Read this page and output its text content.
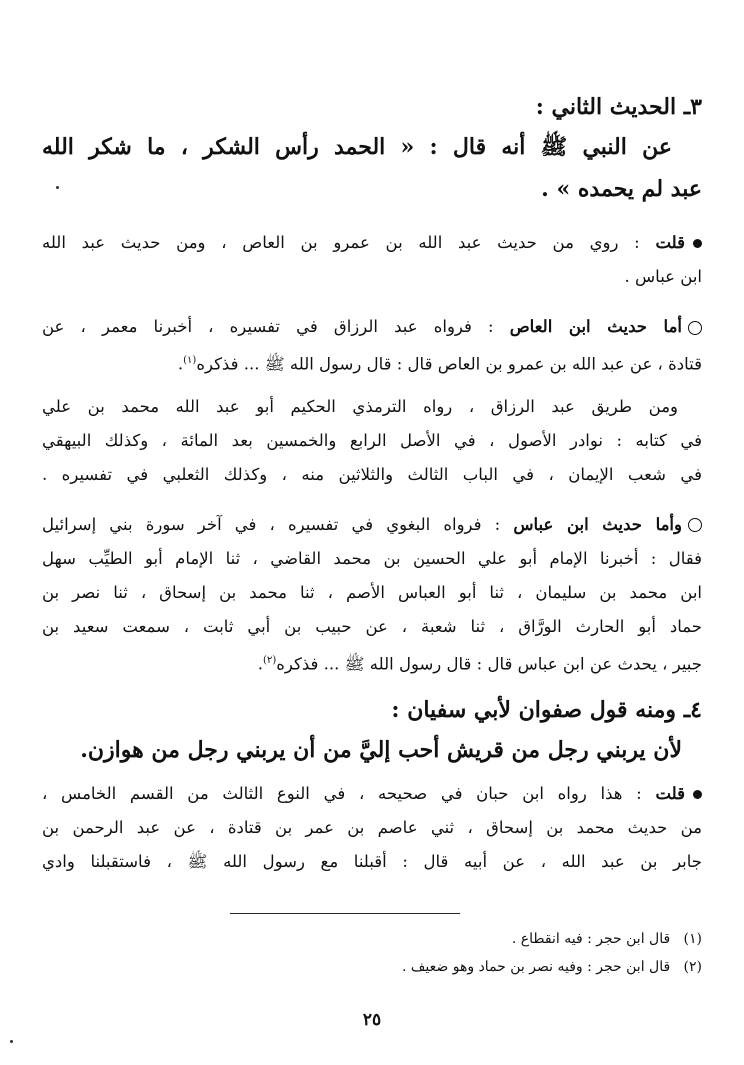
٣ـ الحديث الثاني :
عن النبي ﷺ أنه قال : « الحمد رأس الشكر ، ما شكر الله
عبد لم يحمده » .
قلت : روي من حديث عبد الله بن عمرو بن العاص ، ومن حديث عبد الله
ابن عباس .
أما حديث ابن العاص : فرواه عبد الرزاق في تفسيره ، أخبرنا معمر ، عن
قتادة ، عن عبد الله بن عمرو بن العاص قال : قال رسول الله ﷺ ... فذكره$^{(١)}$.
ومن طريق عبد الرزاق ، رواه الترمذي الحكيم أبو عبد الله محمد بن علي
في كتابه : نوادر الأصول ، في الأصل الرابع والخمسين بعد المائة ، وكذلك البيهقي
في شعب الإيمان ، في الباب الثالث والثلاثين منه ، وكذلك الثعلبي في تفسيره .
وأما حديث ابن عباس : فرواه البغوي في تفسيره ، في آخر سورة بني إسرائيل
فقال : أخبرنا الإمام أبو علي الحسين بن محمد القاضي ، ثنا الإمام أبو الطيِّب سهل
ابن محمد بن سليمان ، ثنا أبو العباس الأصم ، ثنا محمد بن إسحاق ، ثنا نصر بن
حماد أبو الحارث الورَّاق ، ثنا شعبة ، عن حبيب بن أبي ثابت ، سمعت سعيد بن
جبير ، يحدث عن ابن عباس قال : قال رسول الله ﷺ ... فذكره$^{(٢)}$.
٤ـ ومنه قول صفوان لأبي سفيان :
لأن يربني رجل من قريش أحب إليَّ من أن يربني رجل من هوازن.
قلت : هذا رواه ابن حبان في صحيحه ، في النوع الثالث من القسم الخامس ،
من حديث محمد بن إسحاق ، ثني عاصم بن عمر بن قتادة ، عن عبد الرحمن بن
جابر بن عبد الله ، عن أبيه قال : أقبلنا مع رسول الله ﷺ ، فاستقبلنا وادي
(١)   قال ابن حجر : فيه انقطاع .
(٢)   قال ابن حجر : وفيه نصر بن حماد وهو ضعيف .
٢٥
